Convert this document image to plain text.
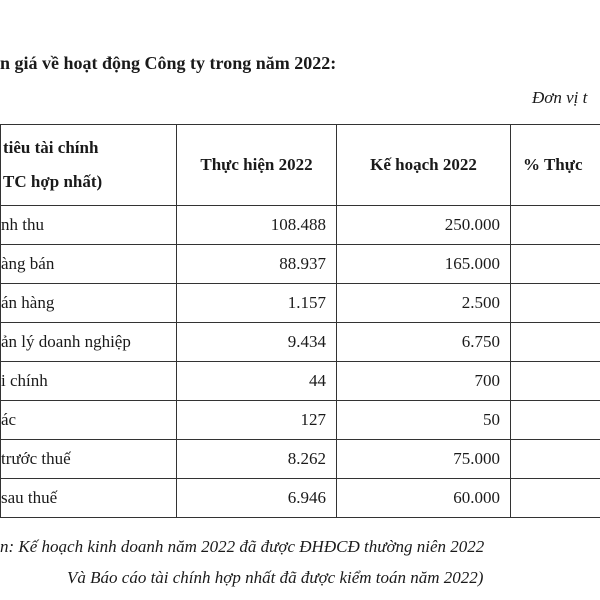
n giá về hoạt động Công ty trong năm 2022:
Đơn vị t
tiêu tài chính
TC hợp nhất)	Thực hiện 2022	Kế hoạch 2022	% Thực
nh thu	108.488	250.000	
àng bán	88.937	165.000	
án hàng	1.157	2.500	
ản lý doanh nghiệp	9.434	6.750	
i chính	44	700	
ác	127	50	
trước thuế	8.262	75.000	
sau thuế	6.946	60.000	
n: Kế hoạch kinh doanh năm 2022 đã được ĐHĐCĐ thường niên 2022
Và Báo cáo tài chính hợp nhất đã được kiểm toán năm 2022)
